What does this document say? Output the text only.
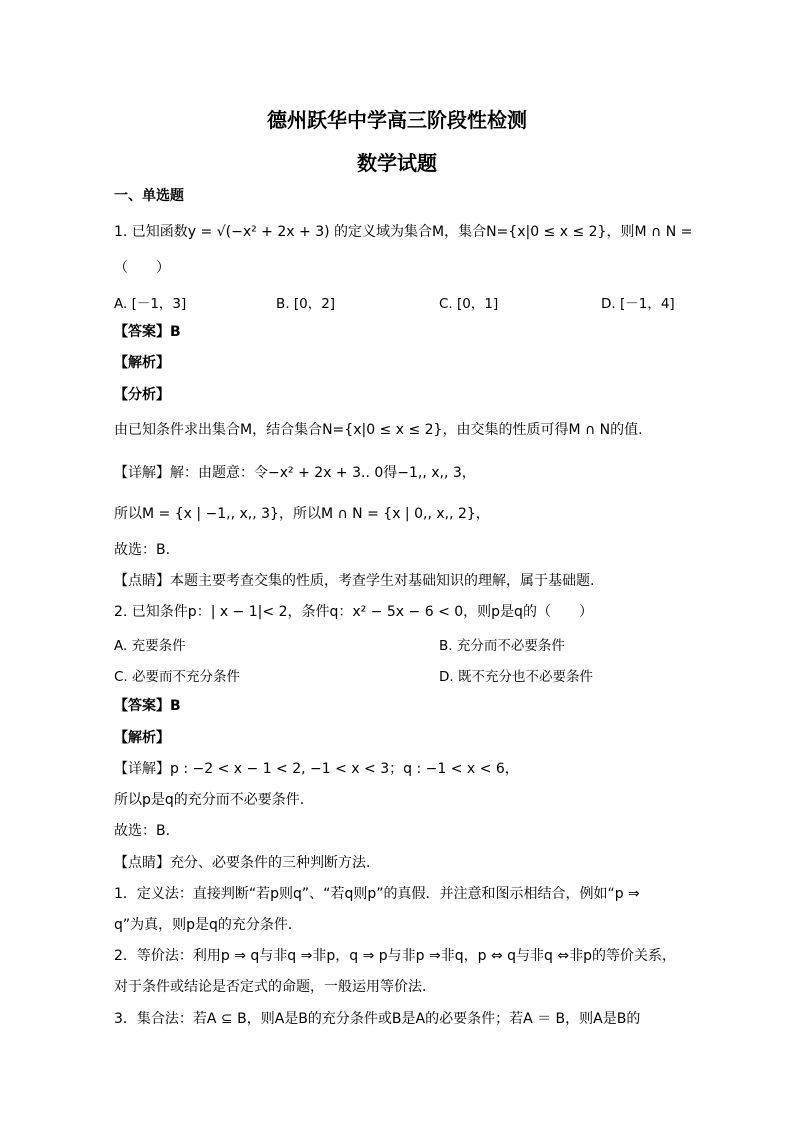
德州跃华中学高三阶段性检测
数学试题
一、单选题
1. 已知函数y = √(−x² + 2x + 3) 的定义域为集合M，集合N={x|0 ≤ x ≤ 2}，则M ∩ N =
（　　）
A. [－1，3]	B. [0，2]	C. [0，1]	D. [－1，4]
【答案】B
【解析】
【分析】
由已知条件求出集合M，结合集合N={x|0 ≤ x ≤ 2}，由交集的性质可得M ∩ N的值.
【详解】解：由题意：令−x² + 2x + 3.. 0得−1,, x,, 3，
所以M = {x | −1,, x,, 3}，所以M ∩ N = {x | 0,, x,, 2}，
故选：B.
【点睛】本题主要考查交集的性质，考查学生对基础知识的理解，属于基础题.
2. 已知条件p：| x − 1|< 2，条件q：x² − 5x − 6 < 0，则p是q的（　　）
A. 充要条件	B. 充分而不必要条件
C. 必要而不充分条件	D. 既不充分也不必要条件
【答案】B
【解析】
【详解】p : −2 < x − 1 < 2, −1 < x < 3；q : −1 < x < 6，
所以p是q的充分而不必要条件.
故选：B.
【点睛】充分、必要条件的三种判断方法．
1．定义法：直接判断“若p则q”、“若q则p”的真假．并注意和图示相结合，例如“p ⇒
q”为真，则p是q的充分条件．
2．等价法：利用p ⇒ q与非q ⇒非p，q ⇒ p与非p ⇒非q，p ⇔ q与非q ⇔非p的等价关系，
对于条件或结论是否定式的命题，一般运用等价法．
3．集合法：若A ⊆ B，则A是B的充分条件或B是A的必要条件；若A ＝ B，则A是B的
